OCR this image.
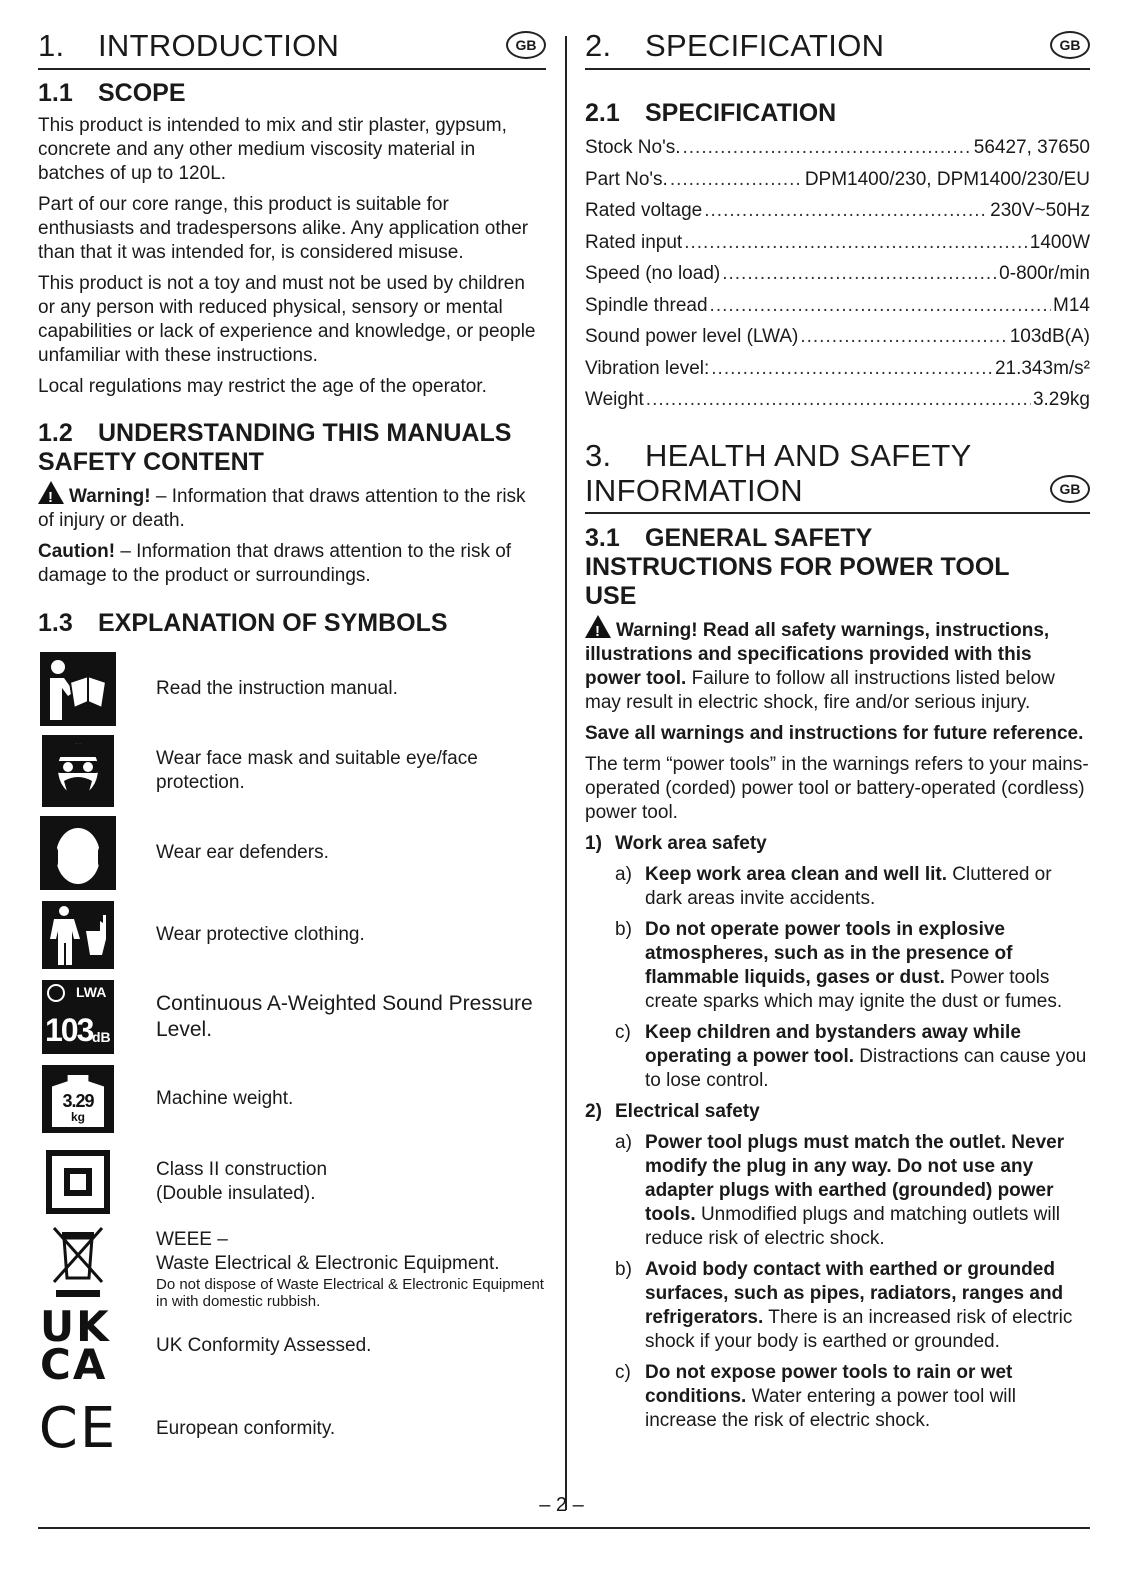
1. INTRODUCTION	GB
1.1 SCOPE

This product is intended to mix and stir plaster, gypsum, concrete and any other medium viscosity material in batches of up to 120L.

Part of our core range, this product is suitable for enthusiasts and tradespersons alike. Any application other than that it was intended for, is considered misuse.

This product is not a toy and must not be used by children or any person with reduced physical, sensory or mental capabilities or lack of experience and knowledge, or people unfamiliar with these instructions.

Local regulations may restrict the age of the operator.

1.2 UNDERSTANDING THIS MANUALS
SAFETY CONTENT

!Warning! – Information that draws attention to the risk of injury or death.

Caution! – Information that draws attention to the risk of damage to the product or surroundings.

1.3 EXPLANATION OF SYMBOLS
Read the instruction manual.
Wear face mask and suitable eye/face protection.
Wear ear defenders.
Wear protective clothing.
LWA
103 dB
Continuous A-Weighted Sound Pressure Level.
3.29
kg
Machine weight.
Class II construction
(Double insulated).
WEEE –
Waste Electrical & Electronic Equipment.
Do not dispose of Waste Electrical & Electronic Equipment in with domestic rubbish.
UK
CA	UK Conformity Assessed.
CE	European conformity.
2. SPECIFICATION	GB
2.1 SPECIFICATION
Stock No's. .....	56427, 37650
Part No's. .....	DPM1400/230, DPM1400/230/EU
Rated voltage .....	230V~50Hz
Rated input .....	1400W
Speed (no load) .....	0-800r/min
Spindle thread .....	M14
Sound power level (LWA) .....	103dB(A)
Vibration level: .....	21.343m/s²
Weight .....	3.29kg
3. HEALTH AND SAFETY
INFORMATION	GB
3.1 GENERAL SAFETY
INSTRUCTIONS FOR POWER TOOL
USE

!Warning! Read all safety warnings, instructions, illustrations and specifications provided with this power tool. Failure to follow all instructions listed below may result in electric shock, fire and/or serious injury.

Save all warnings and instructions for future reference.

The term “power tools” in the warnings refers to your mains-operated (corded) power tool or battery-operated (cordless) power tool.

1) Work area safety
a) Keep work area clean and well lit. Cluttered or dark areas invite accidents.
b) Do not operate power tools in explosive atmospheres, such as in the presence of flammable liquids, gases or dust. Power tools create sparks which may ignite the dust or fumes.
c) Keep children and bystanders away while operating a power tool. Distractions can cause you to lose control.
2) Electrical safety
a) Power tool plugs must match the outlet. Never modify the plug in any way. Do not use any adapter plugs with earthed (grounded) power tools. Unmodified plugs and matching outlets will reduce risk of electric shock.
b) Avoid body contact with earthed or grounded surfaces, such as pipes, radiators, ranges and refrigerators. There is an increased risk of electric shock if your body is earthed or grounded.
c) Do not expose power tools to rain or wet conditions. Water entering a power tool will increase the risk of electric shock.
– 2 –
